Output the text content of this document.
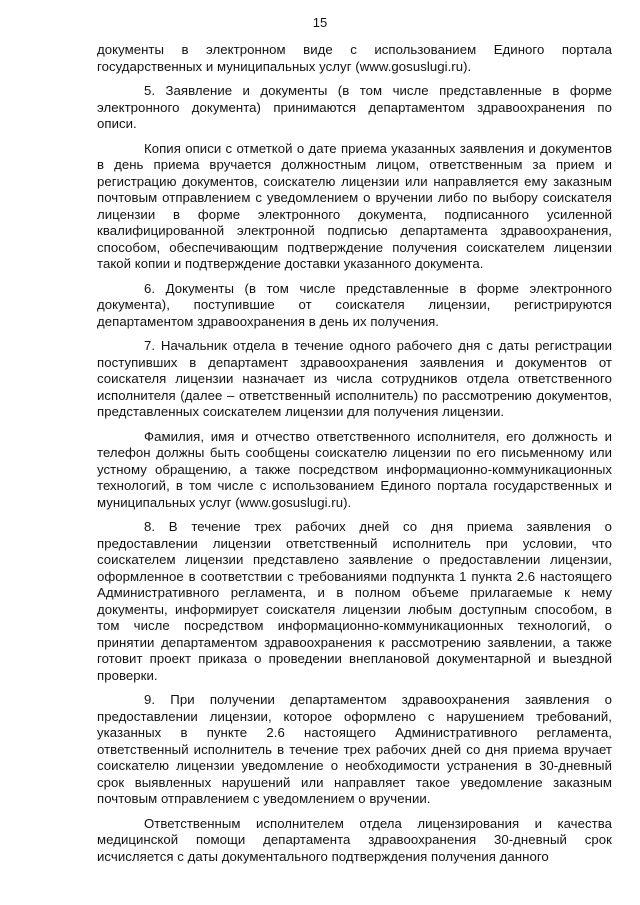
15

документы в электронном виде с использованием Единого портала государственных и муниципальных услуг (www.gosuslugi.ru).

5. Заявление и документы (в том числе представленные в форме электронного документа) принимаются департаментом здравоохранения по описи.

Копия описи с отметкой о дате приема указанных заявления и документов в день приема вручается должностным лицом, ответственным за прием и регистрацию документов, соискателю лицензии или направляется ему заказным почтовым отправлением с уведомлением о вручении либо по выбору соискателя лицензии в форме электронного документа, подписанного усиленной квалифицированной электронной подписью департамента здравоохранения, способом, обеспечивающим подтверждение получения соискателем лицензии такой копии и подтверждение доставки указанного документа.

6. Документы (в том числе представленные в форме электронного документа), поступившие от соискателя лицензии, регистрируются департаментом здравоохранения в день их получения.

7. Начальник отдела в течение одного рабочего дня с даты регистрации поступивших в департамент здравоохранения заявления и документов от соискателя лицензии назначает из числа сотрудников отдела ответственного исполнителя (далее – ответственный исполнитель) по рассмотрению документов, представленных соискателем лицензии для получения лицензии.

Фамилия, имя и отчество ответственного исполнителя, его должность и телефон должны быть сообщены соискателю лицензии по его письменному или устному обращению, а также посредством информационно-коммуникационных технологий, в том числе с использованием Единого портала государственных и муниципальных услуг (www.gosuslugi.ru).

8. В течение трех рабочих дней со дня приема заявления о предоставлении лицензии ответственный исполнитель при условии, что соискателем лицензии представлено заявление о предоставлении лицензии, оформленное в соответствии с требованиями подпункта 1 пункта 2.6 настоящего Административного регламента, и в полном объеме прилагаемые к нему документы, информирует соискателя лицензии любым доступным способом, в том числе посредством информационно-коммуникационных технологий, о принятии департаментом здравоохранения к рассмотрению заявлении, а также готовит проект приказа о проведении внеплановой документарной и выездной проверки.

9. При получении департаментом здравоохранения заявления о предоставлении лицензии, которое оформлено с нарушением требований, указанных в пункте 2.6 настоящего Административного регламента, ответственный исполнитель в течение трех рабочих дней со дня приема вручает соискателю лицензии уведомление о необходимости устранения в 30-дневный срок выявленных нарушений или направляет такое уведомление заказным почтовым отправлением с уведомлением о вручении.

Ответственным исполнителем отдела лицензирования и качества медицинской помощи департамента здравоохранения 30-дневный срок исчисляется с даты документального подтверждения получения данного
